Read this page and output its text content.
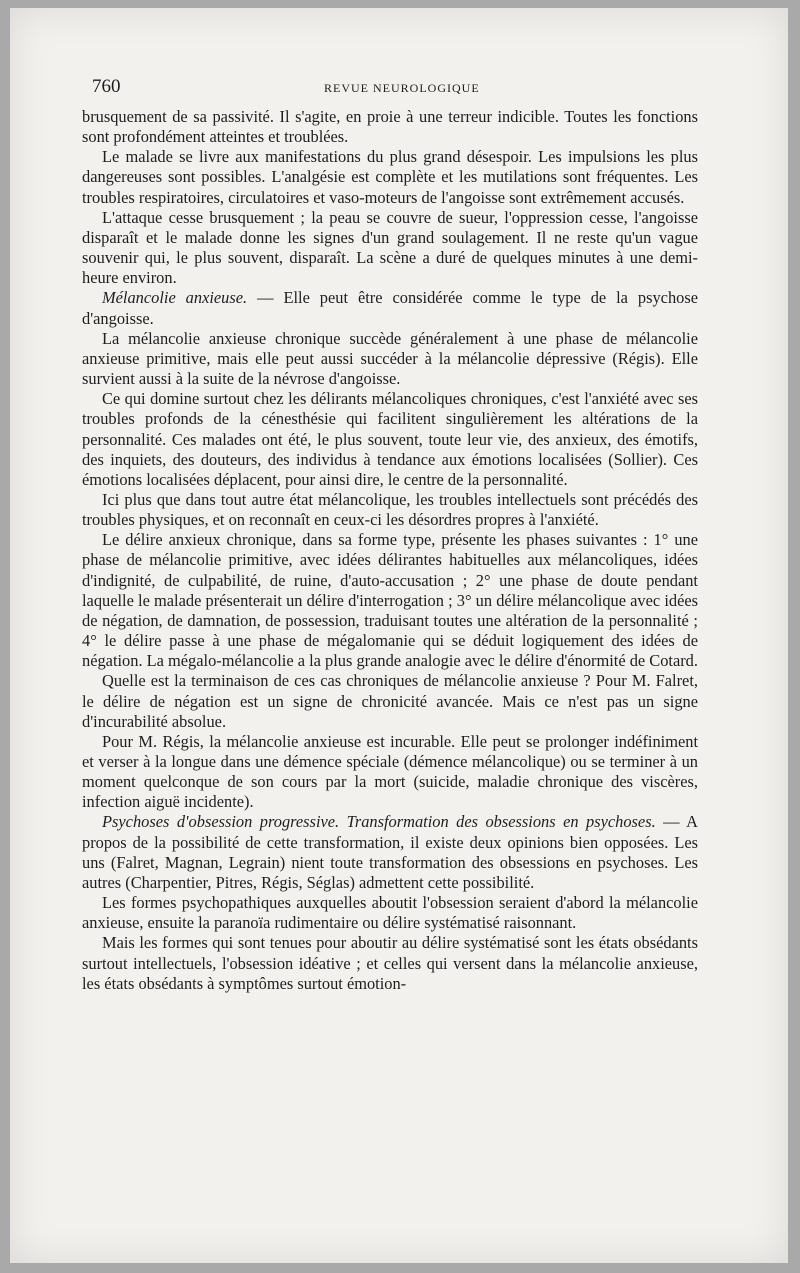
760	REVUE NEUROLOGIQUE

brusquement de sa passivité. Il s'agite, en proie à une terreur indicible. Toutes les fonctions sont profondément atteintes et troublées.

Le malade se livre aux manifestations du plus grand désespoir. Les impulsions les plus dangereuses sont possibles. L'analgésie est complète et les mutilations sont fréquentes. Les troubles respiratoires, circulatoires et vaso-moteurs de l'angoisse sont extrêmement accusés.

L'attaque cesse brusquement ; la peau se couvre de sueur, l'oppression cesse, l'angoisse disparaît et le malade donne les signes d'un grand soulagement. Il ne reste qu'un vague souvenir qui, le plus souvent, disparaît. La scène a duré de quelques minutes à une demi-heure environ.

Mélancolie anxieuse. — Elle peut être considérée comme le type de la psychose d'angoisse.

La mélancolie anxieuse chronique succède généralement à une phase de mélancolie anxieuse primitive, mais elle peut aussi succéder à la mélancolie dépressive (Régis). Elle survient aussi à la suite de la névrose d'angoisse.

Ce qui domine surtout chez les délirants mélancoliques chroniques, c'est l'anxiété avec ses troubles profonds de la cénesthésie qui facilitent singulièrement les altérations de la personnalité. Ces malades ont été, le plus souvent, toute leur vie, des anxieux, des émotifs, des inquiets, des douteurs, des individus à tendance aux émotions localisées (Sollier). Ces émotions localisées déplacent, pour ainsi dire, le centre de la personnalité.

Ici plus que dans tout autre état mélancolique, les troubles intellectuels sont précédés des troubles physiques, et on reconnaît en ceux-ci les désordres propres à l'anxiété.

Le délire anxieux chronique, dans sa forme type, présente les phases suivantes : 1° une phase de mélancolie primitive, avec idées délirantes habituelles aux mélancoliques, idées d'indignité, de culpabilité, de ruine, d'auto-accusation ; 2° une phase de doute pendant laquelle le malade présenterait un délire d'interrogation ; 3° un délire mélancolique avec idées de négation, de damnation, de possession, traduisant toutes une altération de la personnalité ; 4° le délire passe à une phase de mégalomanie qui se déduit logiquement des idées de négation. La mégalo-mélancolie a la plus grande analogie avec le délire d'énormité de Cotard.

Quelle est la terminaison de ces cas chroniques de mélancolie anxieuse ? Pour M. Falret, le délire de négation est un signe de chronicité avancée. Mais ce n'est pas un signe d'incurabilité absolue.

Pour M. Régis, la mélancolie anxieuse est incurable. Elle peut se prolonger indéfiniment et verser à la longue dans une démence spéciale (démence mélancolique) ou se terminer à un moment quelconque de son cours par la mort (suicide, maladie chronique des viscères, infection aiguë incidente).

Psychoses d'obsession progressive. Transformation des obsessions en psychoses. — A propos de la possibilité de cette transformation, il existe deux opinions bien opposées. Les uns (Falret, Magnan, Legrain) nient toute transformation des obsessions en psychoses. Les autres (Charpentier, Pitres, Régis, Séglas) admettent cette possibilité.

Les formes psychopathiques auxquelles aboutit l'obsession seraient d'abord la mélancolie anxieuse, ensuite la paranoïa rudimentaire ou délire systématisé raisonnant.

Mais les formes qui sont tenues pour aboutir au délire systématisé sont les états obsédants surtout intellectuels, l'obsession idéative ; et celles qui versent dans la mélancolie anxieuse, les états obsédants à symptômes surtout émotion-
